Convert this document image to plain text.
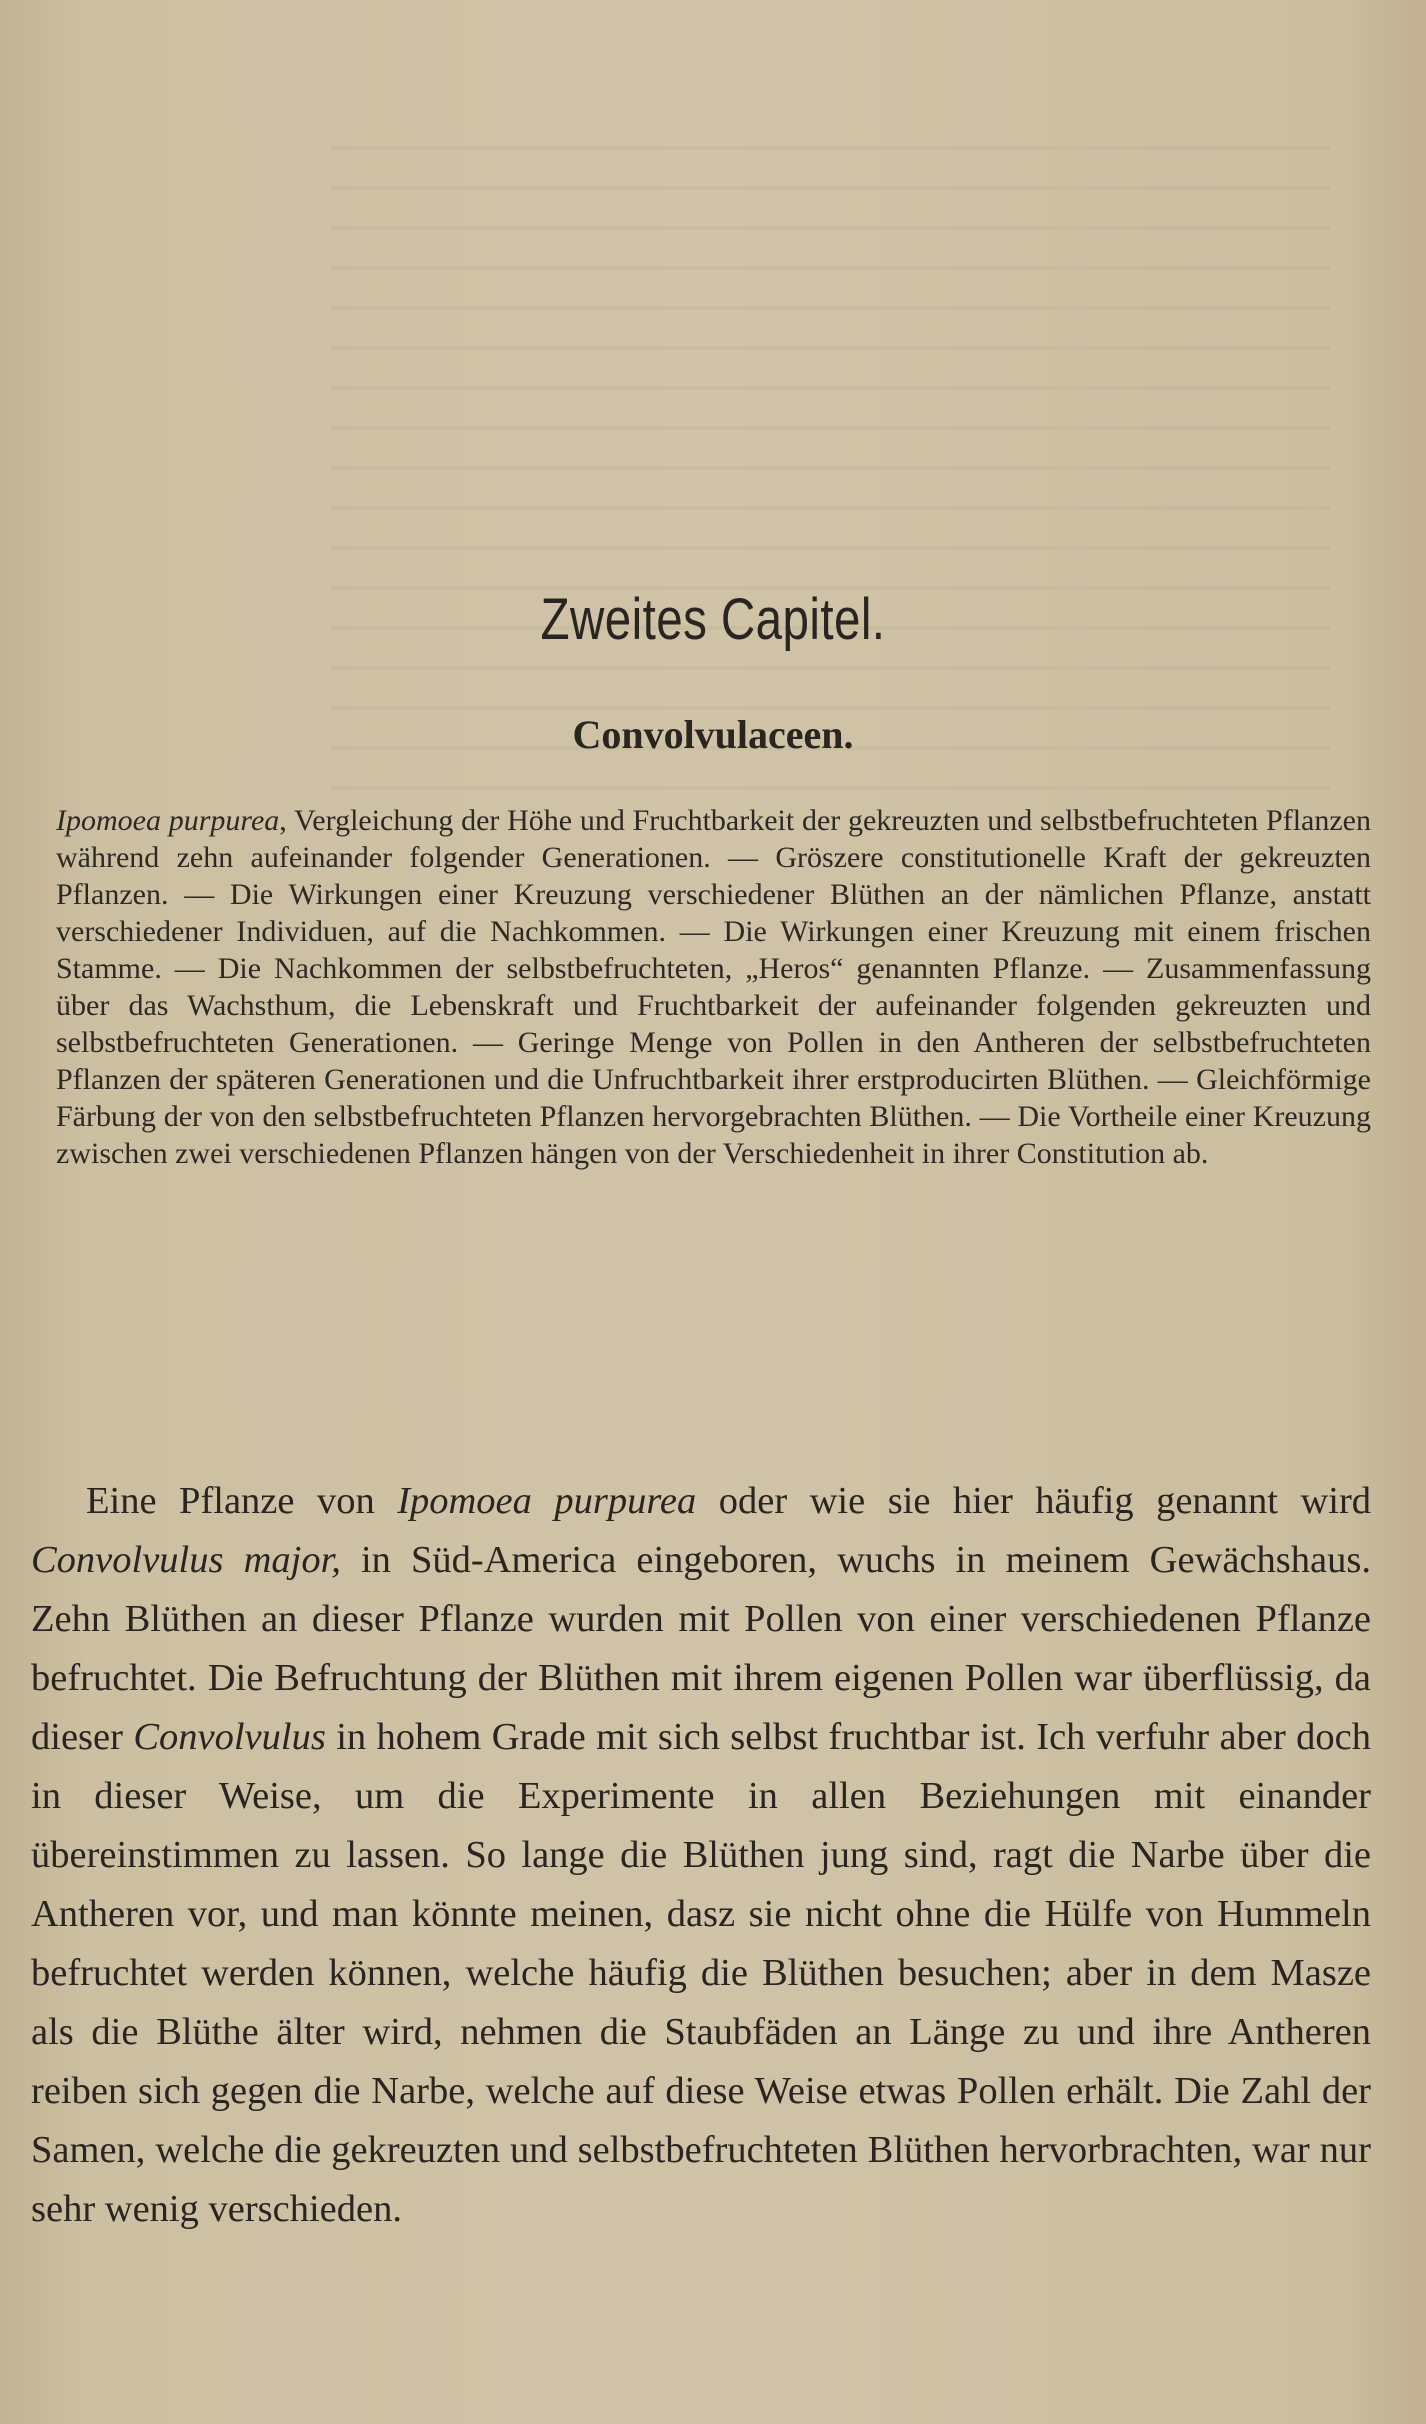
Zweites Capitel.
Convolvulaceen.
Ipomoea purpurea, Vergleichung der Höhe und Fruchtbarkeit der gekreuzten und selbstbefruchteten Pflanzen während zehn aufeinander folgender Generationen. — Gröszere constitutionelle Kraft der gekreuzten Pflanzen. — Die Wirkungen einer Kreuzung verschiedener Blüthen an der nämlichen Pflanze, anstatt verschiedener Individuen, auf die Nachkommen. — Die Wirkungen einer Kreuzung mit einem frischen Stamme. — Die Nachkommen der selbstbefruchteten, „Heros“ genannten Pflanze. — Zusammenfassung über das Wachsthum, die Lebenskraft und Fruchtbarkeit der aufeinander folgenden gekreuzten und selbstbefruchteten Generationen. — Geringe Menge von Pollen in den Antheren der selbstbefruchteten Pflanzen der späteren Generationen und die Unfruchtbarkeit ihrer erstproducirten Blüthen. — Gleichförmige Färbung der von den selbstbefruchteten Pflanzen hervorgebrachten Blüthen. — Die Vortheile einer Kreuzung zwischen zwei verschiedenen Pflanzen hängen von der Verschiedenheit in ihrer Constitution ab.
Eine Pflanze von Ipomoea purpurea oder wie sie hier häufig genannt wird Convolvulus major, in Süd-America eingeboren, wuchs in meinem Gewächshaus. Zehn Blüthen an dieser Pflanze wurden mit Pollen von einer verschiedenen Pflanze befruchtet. Die Befruchtung der Blüthen mit ihrem eigenen Pollen war überflüssig, da dieser Convolvulus in hohem Grade mit sich selbst fruchtbar ist. Ich verfuhr aber doch in dieser Weise, um die Experimente in allen Beziehungen mit einander übereinstimmen zu lassen. So lange die Blüthen jung sind, ragt die Narbe über die Antheren vor, und man könnte meinen, dasz sie nicht ohne die Hülfe von Hummeln befruchtet werden können, welche häufig die Blüthen besuchen; aber in dem Masze als die Blüthe älter wird, nehmen die Staubfäden an Länge zu und ihre Antheren reiben sich gegen die Narbe, welche auf diese Weise etwas Pollen erhält. Die Zahl der Samen, welche die gekreuzten und selbstbefruchteten Blüthen hervorbrachten, war nur sehr wenig verschieden.
